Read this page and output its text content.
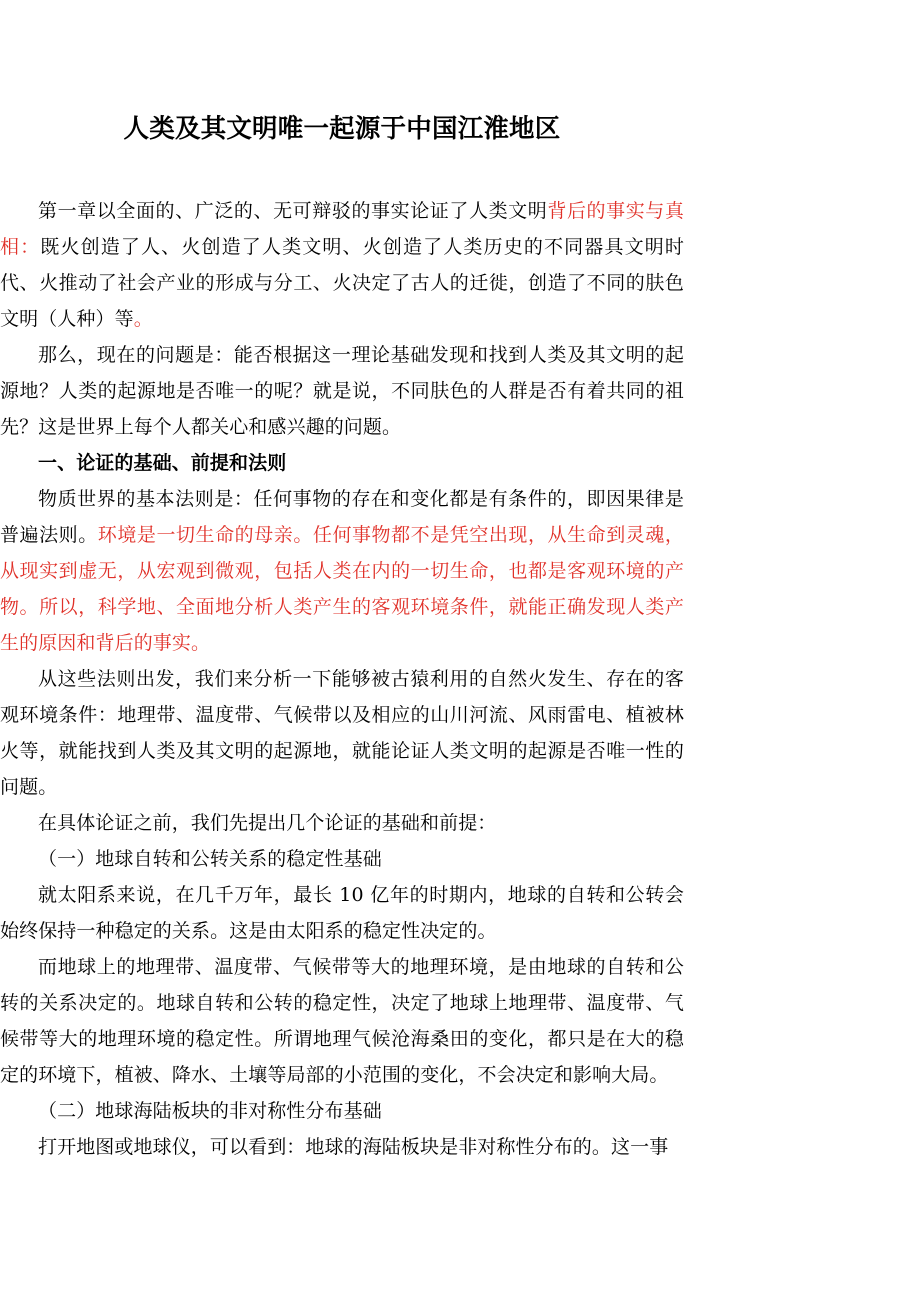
人类及其文明唯一起源于中国江淮地区

第一章以全面的、广泛的、无可辩驳的事实论证了人类文明背后的事实与真相：既火创造了人、火创造了人类文明、火创造了人类历史的不同器具文明时代、火推动了社会产业的形成与分工、火决定了古人的迁徙，创造了不同的肤色文明（人种）等。

那么，现在的问题是：能否根据这一理论基础发现和找到人类及其文明的起源地？人类的起源地是否唯一的呢？就是说，不同肤色的人群是否有着共同的祖先？这是世界上每个人都关心和感兴趣的问题。

一、论证的基础、前提和法则

物质世界的基本法则是：任何事物的存在和变化都是有条件的，即因果律是普遍法则。环境是一切生命的母亲。任何事物都不是凭空出现，从生命到灵魂，从现实到虚无，从宏观到微观，包括人类在内的一切生命，也都是客观环境的产物。所以，科学地、全面地分析人类产生的客观环境条件，就能正确发现人类产生的原因和背后的事实。

从这些法则出发，我们来分析一下能够被古猿利用的自然火发生、存在的客观环境条件：地理带、温度带、气候带以及相应的山川河流、风雨雷电、植被林火等，就能找到人类及其文明的起源地，就能论证人类文明的起源是否唯一性的问题。

在具体论证之前，我们先提出几个论证的基础和前提：

（一）地球自转和公转关系的稳定性基础

就太阳系来说，在几千万年，最长 10 亿年的时期内，地球的自转和公转会始终保持一种稳定的关系。这是由太阳系的稳定性决定的。

而地球上的地理带、温度带、气候带等大的地理环境，是由地球的自转和公转的关系决定的。地球自转和公转的稳定性，决定了地球上地理带、温度带、气候带等大的地理环境的稳定性。所谓地理气候沧海桑田的变化，都只是在大的稳定的环境下，植被、降水、土壤等局部的小范围的变化，不会决定和影响大局。

（二）地球海陆板块的非对称性分布基础

打开地图或地球仪，可以看到：地球的海陆板块是非对称性分布的。这一事
